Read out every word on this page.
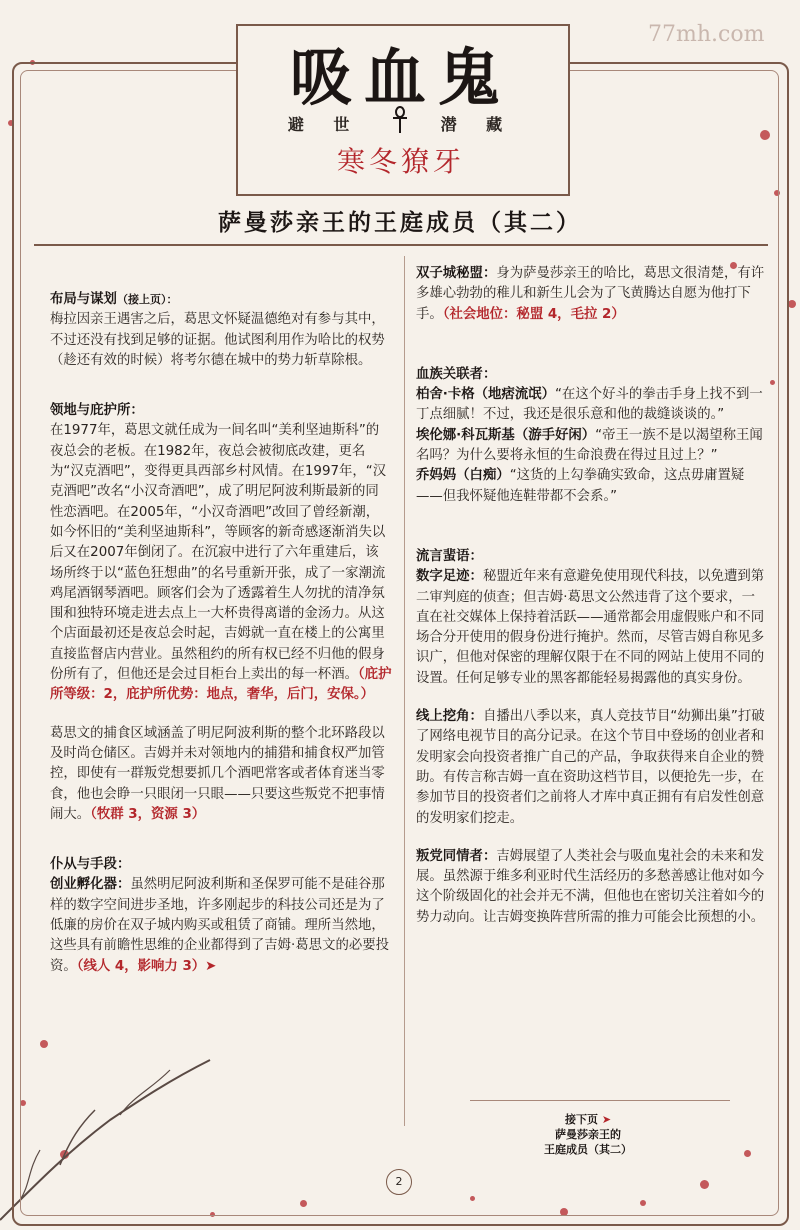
77mh.com
吸血鬼
避 世	潜 藏
寒冬獠牙
萨曼莎亲王的王庭成员（其二）

布局与谋划（接上页）：
梅拉因亲王遇害之后，葛思文怀疑温德绝对有参与其中，不过还没有找到足够的证据。他试图利用作为哈比的权势（趁还有效的时候）将考尔德在城中的势力斩草除根。

领地与庇护所：
在1977年，葛思文就任成为一间名叫“美利坚迪斯科”的夜总会的老板。在1982年，夜总会被彻底改建，更名为“汉克酒吧”，变得更具西部乡村风情。在1997年，“汉克酒吧”改名“小汉奇酒吧”，成了明尼阿波利斯最新的同性恋酒吧。在2005年，“小汉奇酒吧”改回了曾经新潮，如今怀旧的“美利坚迪斯科”，等顾客的新奇感逐渐消失以后又在2007年倒闭了。在沉寂中进行了六年重建后，该场所终于以“蓝色狂想曲”的名号重新开张，成了一家潮流鸡尾酒钢琴酒吧。顾客们会为了透露着生人勿扰的清净氛围和独特环境走进去点上一大杯贵得离谱的金汤力。从这个店面最初还是夜总会时起，吉姆就一直在楼上的公寓里直接监督店内营业。虽然租约的所有权已经不归他的假身份所有了，但他还是会过目柜台上卖出的每一杯酒。（庇护所等级：2，庇护所优势：地点，奢华，后门，安保。）

葛思文的捕食区域涵盖了明尼阿波利斯的整个北环路段以及时尚仓储区。吉姆并未对领地内的捕猎和捕食权严加管控，即使有一群叛党想要抓几个酒吧常客或者体育迷当零食，他也会睁一只眼闭一只眼——只要这些叛党不把事情闹大。（牧群 3，资源 3）

仆从与手段：
创业孵化器：虽然明尼阿波利斯和圣保罗可能不是硅谷那样的数字空间进步圣地，许多刚起步的科技公司还是为了低廉的房价在双子城内购买或租赁了商铺。理所当然地，这些具有前瞻性思维的企业都得到了吉姆·葛思文的必要投资。（线人 4，影响力 3）➤

双子城秘盟：身为萨曼莎亲王的哈比，葛思文很清楚，有许多雄心勃勃的稚儿和新生儿会为了飞黄腾达自愿为他打下手。（社会地位：秘盟 4，毛拉 2）

血族关联者：
柏舍·卡格（地痞流氓）“在这个好斗的拳击手身上找不到一丁点细腻！不过，我还是很乐意和他的裁缝谈谈的。”
埃伦娜·科瓦斯基（游手好闲）“帝王一族不是以渴望称王闻名吗？为什么要将永恒的生命浪费在得过且过上？”
乔妈妈（白痴）“这货的上勾拳确实致命，这点毋庸置疑——但我怀疑他连鞋带都不会系。”

流言蜚语：
数字足迹：秘盟近年来有意避免使用现代科技，以免遭到第二审判庭的侦查；但吉姆·葛思文公然违背了这个要求，一直在社交媒体上保持着活跃——通常都会用虚假账户和不同场合分开使用的假身份进行掩护。然而，尽管吉姆自称见多识广，但他对保密的理解仅限于在不同的网站上使用不同的设置。任何足够专业的黑客都能轻易揭露他的真实身份。

线上挖角：自播出八季以来，真人竞技节目“幼狮出巢”打破了网络电视节目的高分记录。在这个节目中登场的创业者和发明家会向投资者推广自己的产品，争取获得来自企业的赞助。有传言称吉姆一直在资助这档节目，以便抢先一步，在参加节目的投资者们之前将人才库中真正拥有有启发性创意的发明家们挖走。

叛党同情者：吉姆展望了人类社会与吸血鬼社会的未来和发展。虽然源于维多利亚时代生活经历的多愁善感让他对如今这个阶级固化的社会并无不满，但他也在密切关注着如今的势力动向。让吉姆变换阵营所需的推力可能会比预想的小。

接下页 ➤
萨曼莎亲王的
王庭成员（其二）
2
